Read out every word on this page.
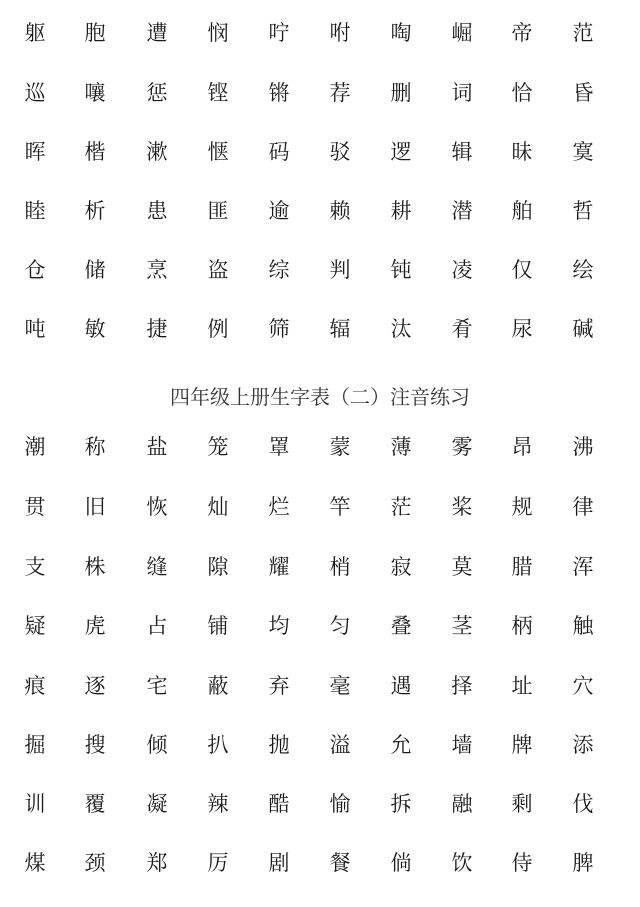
躯	胞	遭	悯	咛	咐	啕	崛	帝	范
巡	嚷	惩	铿	锵	荐	删	词	恰	昏
晖	楷	漱	惬	码	驳	逻	辑	昧	寞
睦	析	患	匪	逾	赖	耕	潜	舶	哲
仓	储	烹	盗	综	判	钝	凌	仅	绘
吨	敏	捷	例	筛	辐	汰	肴	尿	碱
四年级上册生字表（二）注音练习
潮	称	盐	笼	罩	蒙	薄	雾	昂	沸
贯	旧	恢	灿	烂	竿	茫	桨	规	律
支	株	缝	隙	耀	梢	寂	莫	腊	浑
疑	虎	占	铺	均	匀	叠	茎	柄	触
痕	逐	宅	蔽	弃	毫	遇	择	址	穴
掘	搜	倾	扒	抛	溢	允	墙	牌	添
训	覆	凝	辣	酷	愉	拆	融	剩	伐
煤	颈	郑	厉	剧	餐	倘	饮	侍	脾
